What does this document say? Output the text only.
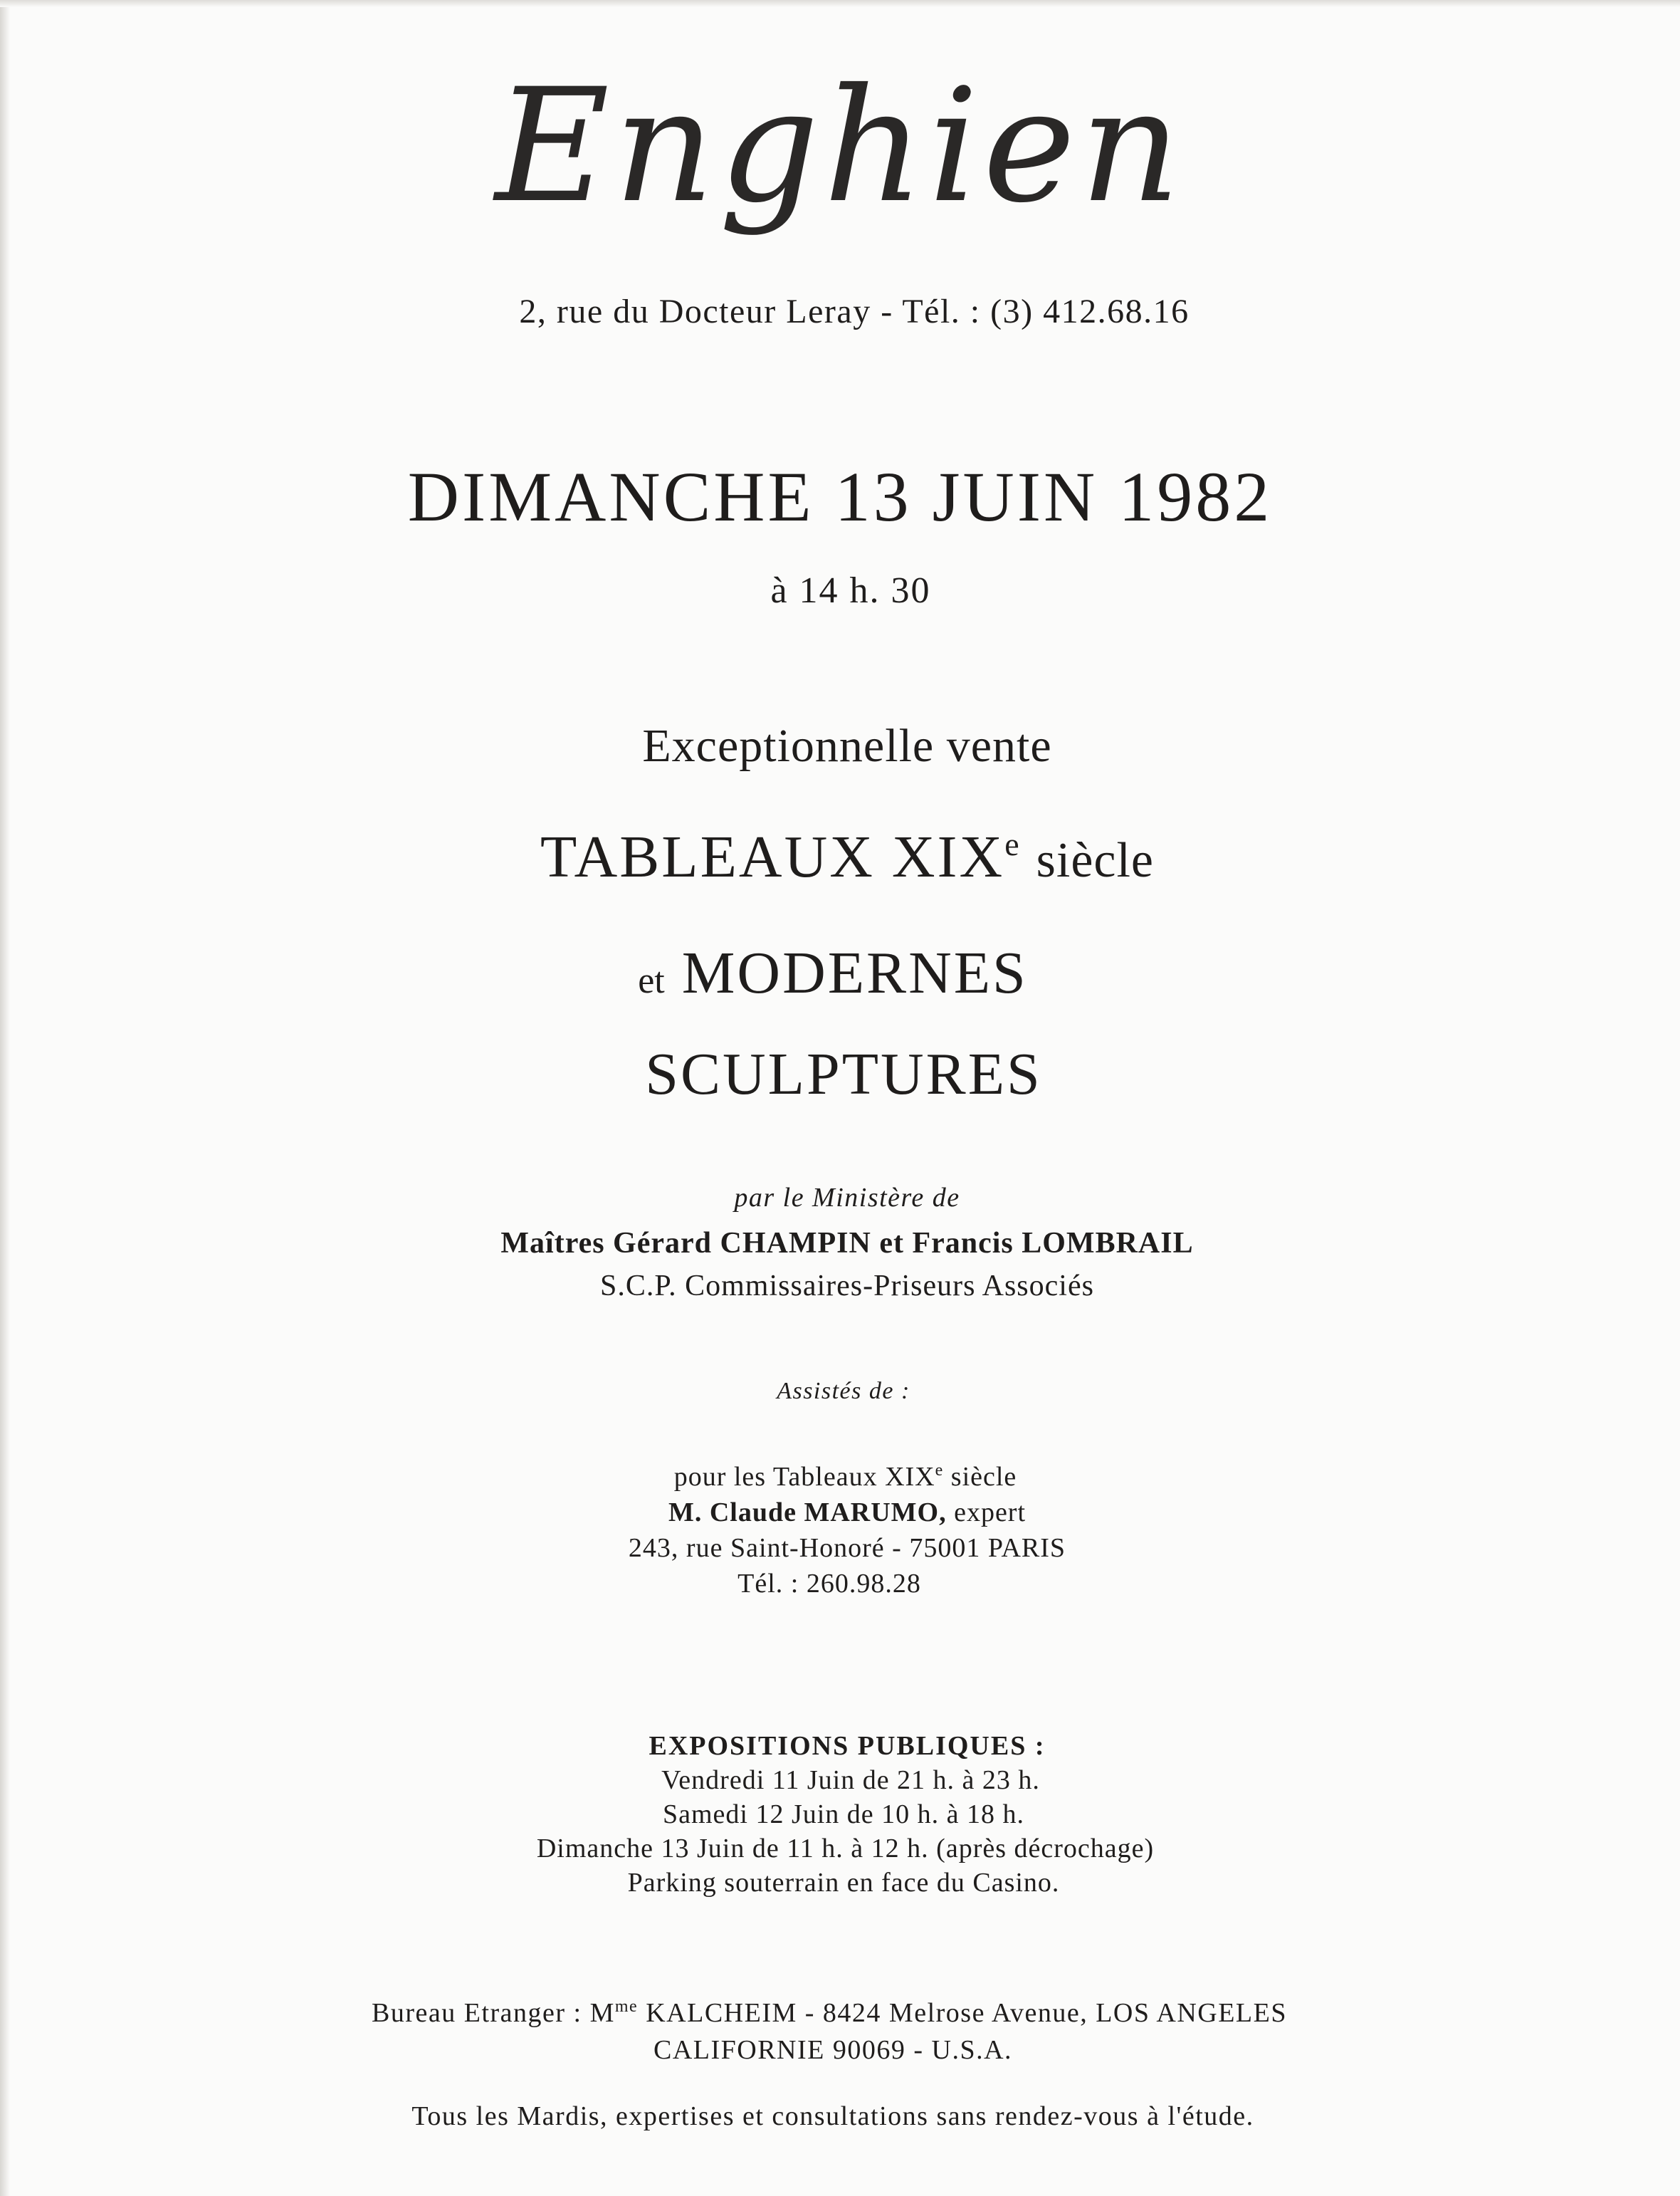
Enghien
2, rue du Docteur Leray - Tél. : (3) 412.68.16
DIMANCHE 13 JUIN 1982
à 14 h. 30
Exceptionnelle vente
TABLEAUX XIXe siècle
et MODERNES
SCULPTURES
par le Ministère de
Maîtres Gérard CHAMPIN et Francis LOMBRAIL
S.C.P. Commissaires-Priseurs Associés
Assistés de :
pour les Tableaux XIXe siècle
M. Claude MARUMO, expert
243, rue Saint-Honoré - 75001 PARIS
Tél. : 260.98.28
EXPOSITIONS PUBLIQUES :
Vendredi 11 Juin de 21 h. à 23 h.
Samedi 12 Juin de 10 h. à 18 h.
Dimanche 13 Juin de 11 h. à 12 h. (après décrochage)
Parking souterrain en face du Casino.
Bureau Etranger : $M^{me}$ KALCHEIM - 8424 Melrose Avenue, LOS ANGELES
CALIFORNIE 90069 - U.S.A.
Tous les Mardis, expertises et consultations sans rendez-vous à l'étude.
